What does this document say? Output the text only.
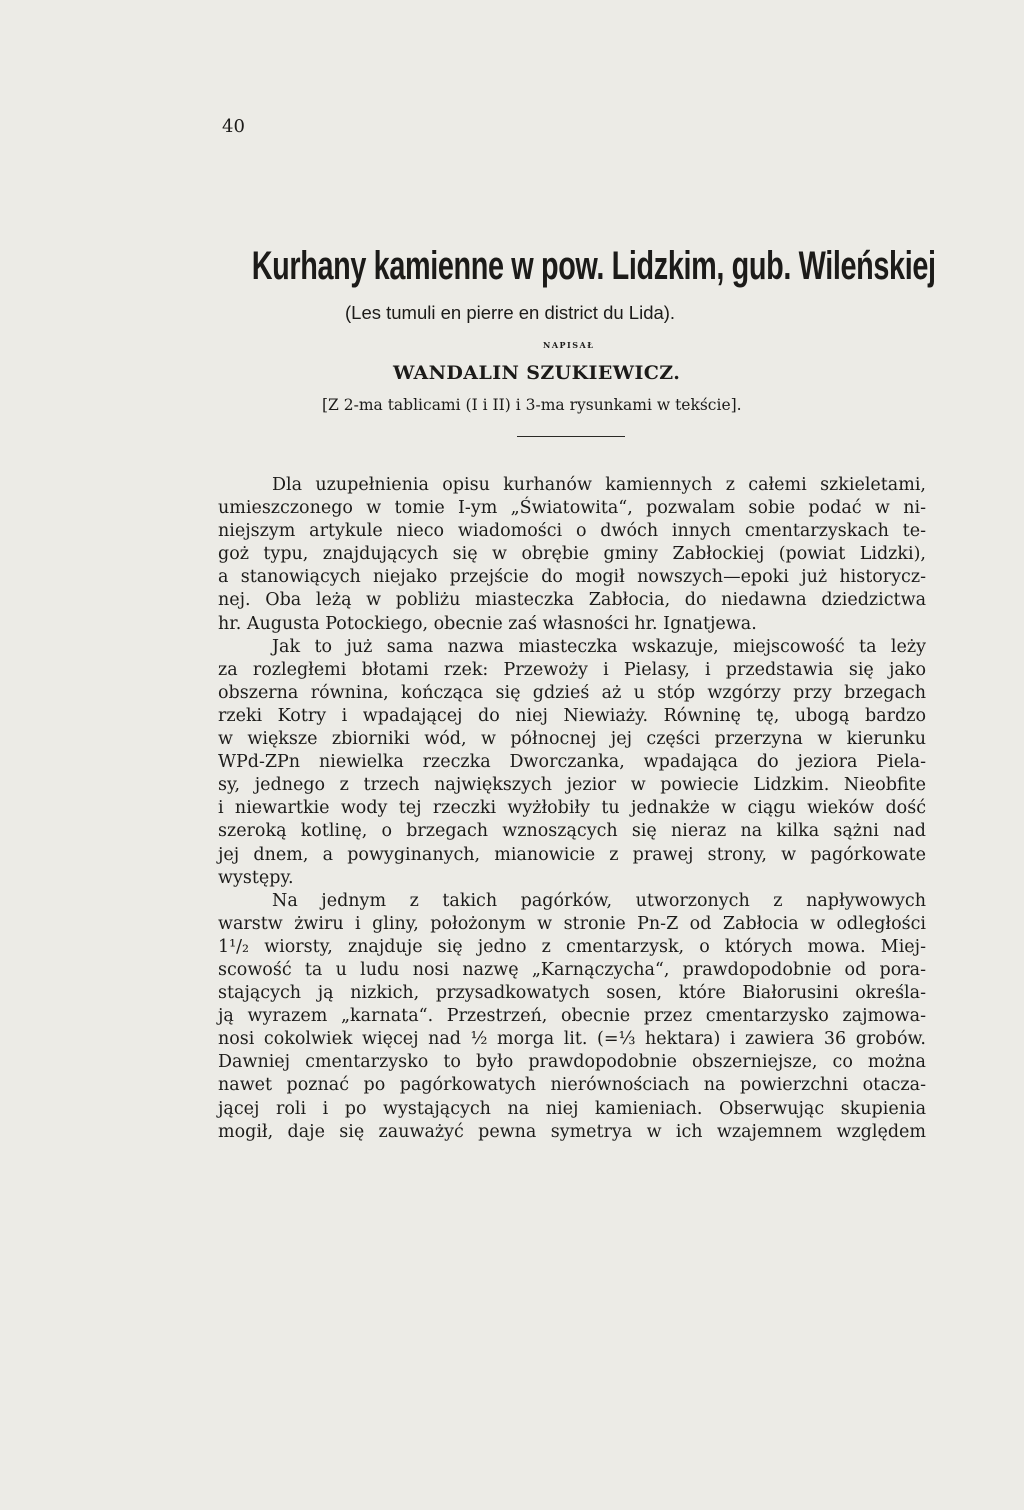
40
Kurhany kamienne w pow. Lidzkim, gub. Wileńskiej
(Les tumuli en pierre en district du Lida).
NAPISAŁ
WANDALIN SZUKIEWICZ.
[Z 2-ma tablicami (I i II) i 3-ma rysunkami w tekście].
Dla uzupełnienia opisu kurhanów kamiennych z całemi szkieletami,
umieszczonego w tomie I-ym „Światowita“, pozwalam sobie podać w ni-
niejszym artykule nieco wiadomości o dwóch innych cmentarzyskach te-
goż typu, znajdujących się w obrębie gminy Zabłockiej (powiat Lidzki),
a stanowiących niejako przejście do mogił nowszych—epoki już historycz-
nej. Oba leżą w pobliżu miasteczka Zabłocia, do niedawna dziedzictwa
hr. Augusta Potockiego, obecnie zaś własności hr. Ignatjewa.
Jak to już sama nazwa miasteczka wskazuje, miejscowość ta leży
za rozległemi błotami rzek: Przewoży i Pielasy, i przedstawia się jako
obszerna równina, kończąca się gdzieś aż u stóp wzgórzy przy brzegach
rzeki Kotry i wpadającej do niej Niewiaży. Równinę tę, ubogą bardzo
w większe zbiorniki wód, w północnej jej części przerzyna w kierunku
WPd-ZPn niewielka rzeczka Dworczanka, wpadająca do jeziora Piela-
sy, jednego z trzech największych jezior w powiecie Lidzkim. Nieobfite
i niewartkie wody tej rzeczki wyżłobiły tu jednakże w ciągu wieków dość
szeroką kotlinę, o brzegach wznoszących się nieraz na kilka sążni nad
jej dnem, a powyginanych, mianowicie z prawej strony, w pagórkowate
występy.
Na jednym z takich pagórków, utworzonych z napływowych
warstw żwiru i gliny, położonym w stronie Pn-Z od Zabłocia w odległości
1¹/₂ wiorsty, znajduje się jedno z cmentarzysk, o których mowa. Miej-
scowość ta u ludu nosi nazwę „Karnączycha“, prawdopodobnie od pora-
stających ją nizkich, przysadkowatych sosen, które Białorusini określa-
ją wyrazem „karnata“. Przestrzeń, obecnie przez cmentarzysko zajmowa-
nosi cokolwiek więcej nad ½ morga lit. (=⅓ hektara) i zawiera 36 grobów.
Dawniej cmentarzysko to było prawdopodobnie obszerniejsze, co można
nawet poznać po pagórkowatych nierównościach na powierzchni otacza-
jącej roli i po wystających na niej kamieniach. Obserwując skupienia
mogił, daje się zauważyć pewna symetrya w ich wzajemnem względem
